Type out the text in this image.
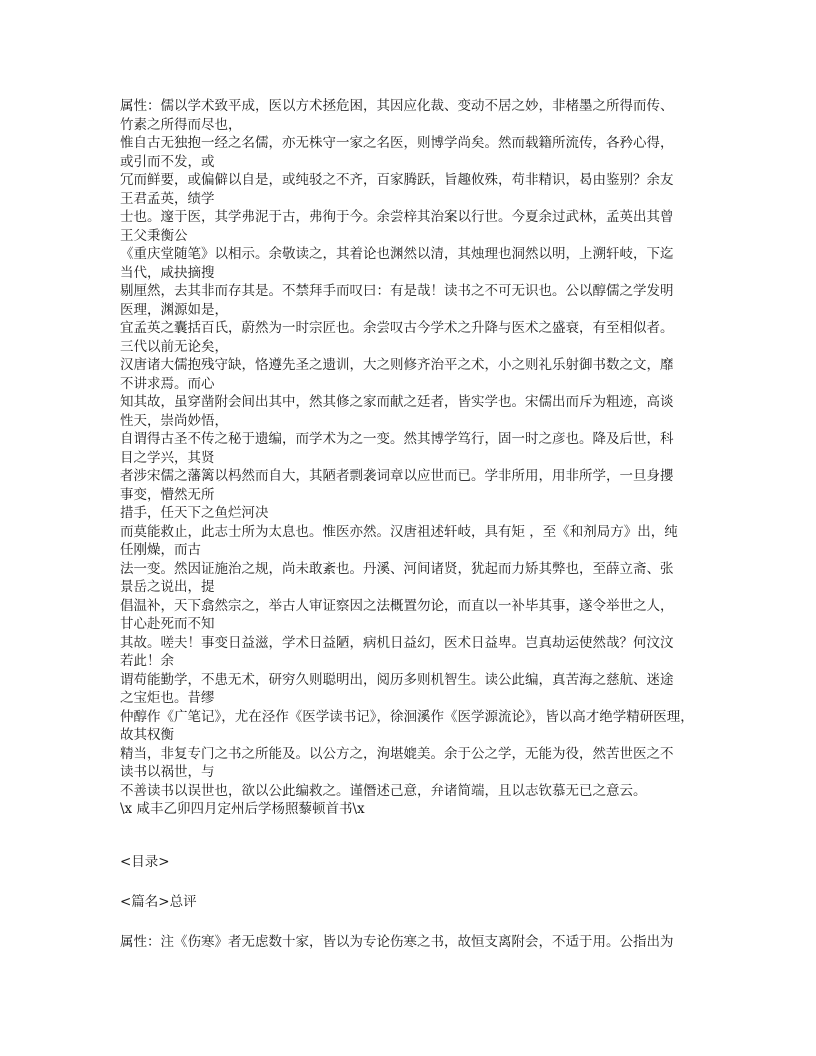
属性：儒以学术致平成，医以方术拯危困，其因应化裁、变动不居之妙，非楮墨之所得而传、
竹素之所得而尽也，
惟自古无独抱一经之名儒，亦无株守一家之名医，则博学尚矣。然而载籍所流传，各矜心得，
或引而不发，或
冗而鲜要，或偏僻以自是，或纯驳之不齐，百家腾跃，旨趣攸殊，苟非精识，曷由鉴别？余友
王君孟英，绩学
士也。邃于医，其学弗泥于古，弗徇于今。余尝梓其治案以行世。今夏余过武林，孟英出其曾
王父秉衡公
《重庆堂随笔》以相示。余敬读之，其着论也渊然以清，其烛理也洞然以明，上溯轩岐，下迄
当代，咸抉摘搜
剔厘然，去其非而存其是。不禁拜手而叹曰：有是哉！读书之不可无识也。公以醇儒之学发明
医理，渊源如是，
宜孟英之囊括百氏，蔚然为一时宗匠也。余尝叹古今学术之升降与医术之盛衰，有至相似者。
三代以前无论矣，
汉唐诸大儒抱残守缺，恪遵先圣之遗训，大之则修齐治平之术，小之则礼乐射御书数之文，靡
不讲求焉。而心
知其故，虽穿凿附会间出其中，然其修之家而献之廷者，皆实学也。宋儒出而斥为粗迹，高谈
性天，崇尚妙悟，
自谓得古圣不传之秘于遗编，而学术为之一变。然其博学笃行，固一时之彦也。降及后世，科
目之学兴，其贤
者涉宋儒之藩篱以杩然而自大，其陋者剽袭词章以应世而已。学非所用，用非所学，一旦身攖
事变，懵然无所
措手，任天下之鱼烂河决
而莫能救止，此志士所为太息也。惟医亦然。汉唐祖述轩岐，具有矩 ，至《和剂局方》出，纯
任刚燥，而古
法一变。然因证施治之规，尚未敢紊也。丹溪、河间诸贤，犹起而力矫其弊也，至薛立斋、张
景岳之说出，提
倡温补，天下翕然宗之，举古人审证察因之法概置勿论，而直以一补毕其事，遂令举世之人，
甘心赴死而不知
其故。嗟夫！事变日益滋，学术日益陋，病机日益幻，医术日益卑。岂真劫运使然哉？何汶汶
若此！余
谓苟能勤学，不患无术，研穷久则聪明出，阅历多则机智生。读公此编，真苦海之慈航、迷途
之宝炬也。昔缪
仲醇作《广笔记》，尤在泾作《医学读书记》，徐洄溪作《医学源流论》，皆以高才绝学精研医理，
故其权衡
精当，非复专门之书之所能及。以公方之，洵堪媲美。余于公之学，无能为役，然苦世医之不
读书以祸世，与
不善读书以误世也，欲以公此编救之。谨僭述己意，弁诸简端，且以志钦慕无已之意云。
\x 咸丰乙卯四月定州后学杨照藜顿首书\x
<目录>
<篇名>总评
属性：注《伤寒》者无虑数十家，皆以为专论伤寒之书，故恒支离附会，不适于用。公指出为
